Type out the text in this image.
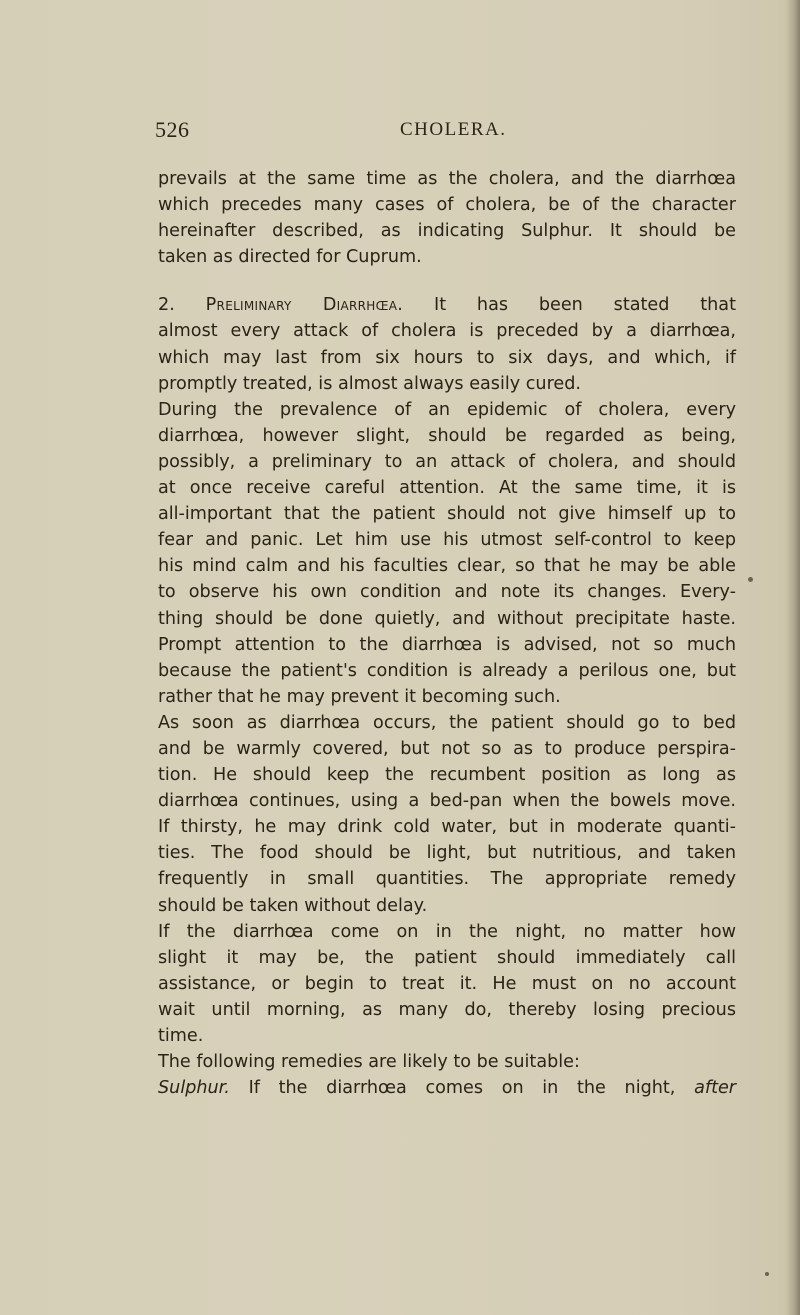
526	CHOLERA.
prevails at the same time as the cholera, and the diarrhœa
which precedes many cases of cholera, be of the character
hereinafter described, as indicating Sulphur. It should be
taken as directed for Cuprum.
2. Preliminary Diarrhœa. It has been stated that
almost every attack of cholera is preceded by a diarrhœa,
which may last from six hours to six days, and which, if
promptly treated, is almost always easily cured.
During the prevalence of an epidemic of cholera, every
diarrhœa, however slight, should be regarded as being,
possibly, a preliminary to an attack of cholera, and should
at once receive careful attention. At the same time, it is
all-important that the patient should not give himself up to
fear and panic. Let him use his utmost self-control to keep
his mind calm and his faculties clear, so that he may be able
to observe his own condition and note its changes. Every-
thing should be done quietly, and without precipitate haste.
Prompt attention to the diarrhœa is advised, not so much
because the patient's condition is already a perilous one, but
rather that he may prevent it becoming such.
As soon as diarrhœa occurs, the patient should go to bed
and be warmly covered, but not so as to produce perspira-
tion. He should keep the recumbent position as long as
diarrhœa continues, using a bed-pan when the bowels move.
If thirsty, he may drink cold water, but in moderate quanti-
ties. The food should be light, but nutritious, and taken
frequently in small quantities. The appropriate remedy
should be taken without delay.
If the diarrhœa come on in the night, no matter how
slight it may be, the patient should immediately call
assistance, or begin to treat it. He must on no account
wait until morning, as many do, thereby losing precious
time.
The following remedies are likely to be suitable:
Sulphur. If the diarrhœa comes on in the night, after
